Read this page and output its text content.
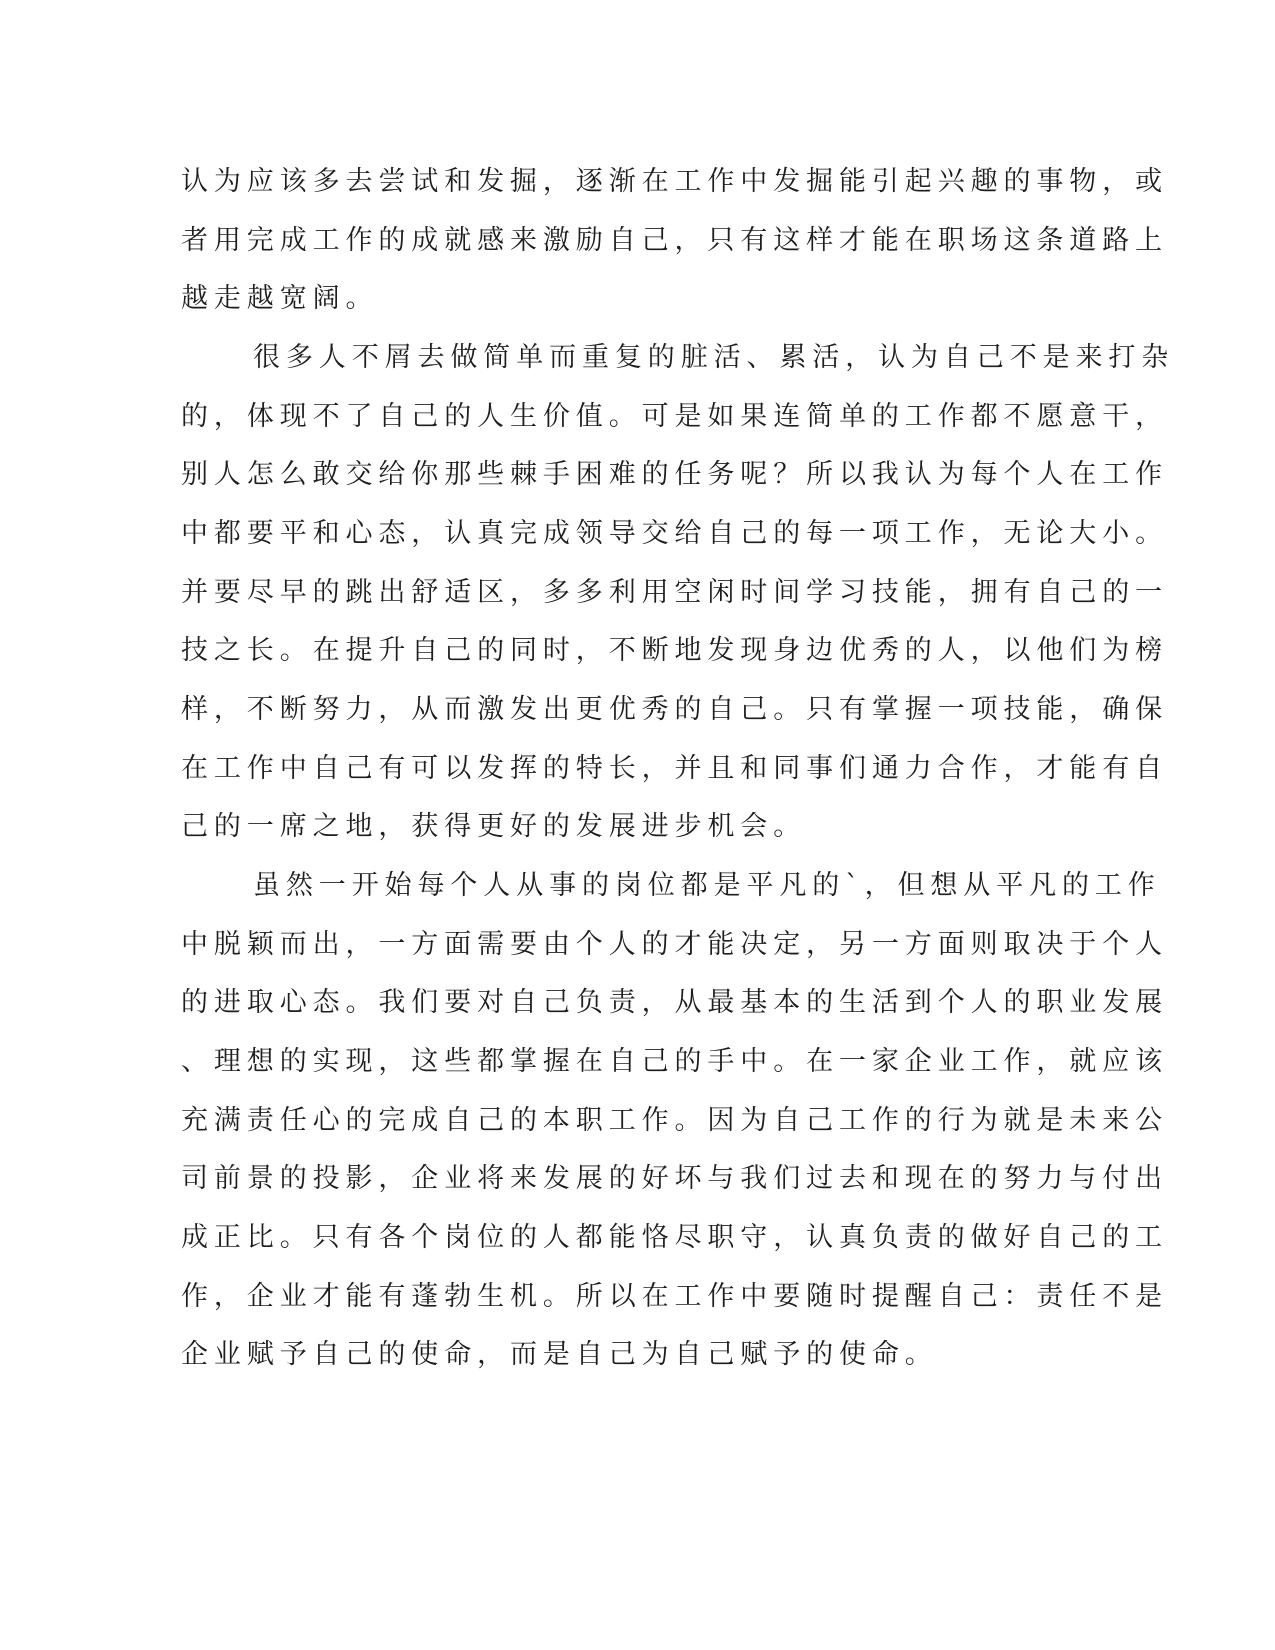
认为应该多去尝试和发掘，逐渐在工作中发掘能引起兴趣的事物，或
者用完成工作的成就感来激励自己，只有这样才能在职场这条道路上
越走越宽阔。
很多人不屑去做简单而重复的脏活、累活，认为自己不是来打杂
的，体现不了自己的人生价值。可是如果连简单的工作都不愿意干，
别人怎么敢交给你那些棘手困难的任务呢？所以我认为每个人在工作
中都要平和心态，认真完成领导交给自己的每一项工作，无论大小。
并要尽早的跳出舒适区，多多利用空闲时间学习技能，拥有自己的一
技之长。在提升自己的同时，不断地发现身边优秀的人，以他们为榜
样，不断努力，从而激发出更优秀的自己。只有掌握一项技能，确保
在工作中自己有可以发挥的特长，并且和同事们通力合作，才能有自
己的一席之地，获得更好的发展进步机会。
虽然一开始每个人从事的岗位都是平凡的`，但想从平凡的工作
中脱颖而出，一方面需要由个人的才能决定，另一方面则取决于个人
的进取心态。我们要对自己负责，从最基本的生活到个人的职业发展
、理想的实现，这些都掌握在自己的手中。在一家企业工作，就应该
充满责任心的完成自己的本职工作。因为自己工作的行为就是未来公
司前景的投影，企业将来发展的好坏与我们过去和现在的努力与付出
成正比。只有各个岗位的人都能恪尽职守，认真负责的做好自己的工
作，企业才能有蓬勃生机。所以在工作中要随时提醒自己：责任不是
企业赋予自己的使命，而是自己为自己赋予的使命。
